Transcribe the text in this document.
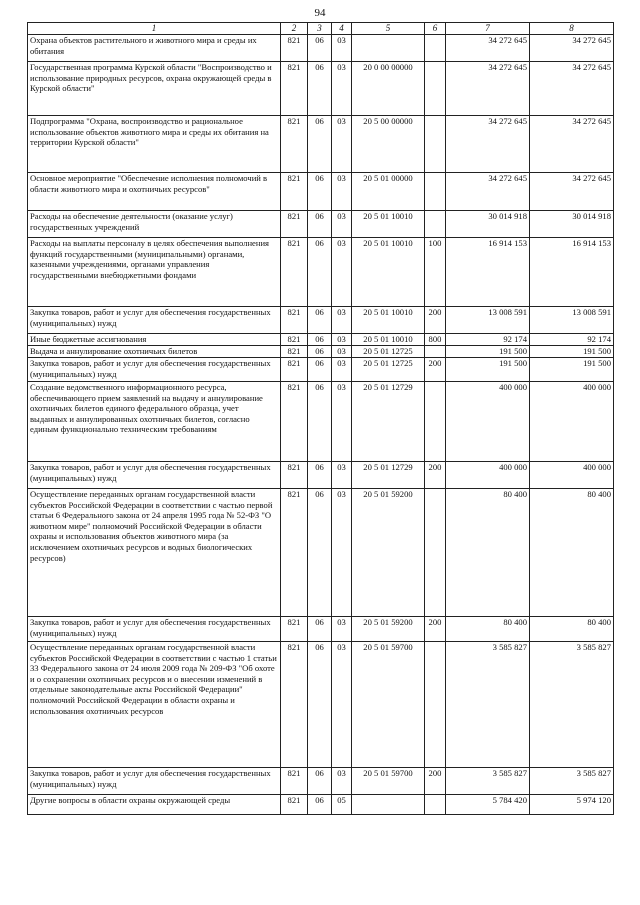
94
1	2	3	4	5	6	7	8
Охрана объектов растительного и животного мира и среды их обитания	821	06	03			34 272 645	34 272 645
Государственная программа Курской области "Воспроизводство и использование природных ресурсов, охрана окружающей среды в Курской области"	821	06	03	20 0 00 00000		34 272 645	34 272 645
Подпрограмма "Охрана, воспроизводство и рациональное использование объектов животного мира и среды их обитания на территории Курской области"	821	06	03	20 5 00 00000		34 272 645	34 272 645
Основное мероприятие "Обеспечение исполнения полномочий в области животного мира и охотничьих ресурсов"	821	06	03	20 5 01 00000		34 272 645	34 272 645
Расходы на обеспечение деятельности (оказание услуг) государственных учреждений	821	06	03	20 5 01 10010		30 014 918	30 014 918
Расходы на выплаты персоналу в целях обеспечения выполнения функций государственными (муниципальными) органами, казенными учреждениями, органами управления государственными внебюджетными фондами	821	06	03	20 5 01 10010	100	16 914 153	16 914 153
Закупка товаров, работ и услуг для обеспечения государственных (муниципальных) нужд	821	06	03	20 5 01 10010	200	13 008 591	13 008 591
Иные бюджетные ассигнования	821	06	03	20 5 01 10010	800	92 174	92 174
Выдача и аннулирование охотничьих билетов	821	06	03	20 5 01 12725		191 500	191 500
Закупка товаров, работ и услуг для обеспечения государственных (муниципальных) нужд	821	06	03	20 5 01 12725	200	191 500	191 500
Создание ведомственного информационного ресурса, обеспечивающего прием заявлений на выдачу и аннулирование охотничьих билетов единого федерального образца, учет выданных и аннулированных охотничьих билетов, согласно единым функционально техническим требованиям	821	06	03	20 5 01 12729		400 000	400 000
Закупка товаров, работ и услуг для обеспечения государственных (муниципальных) нужд	821	06	03	20 5 01 12729	200	400 000	400 000
Осуществление переданных органам государственной власти субъектов Российской Федерации в соответствии с частью первой статьи 6 Федерального закона от 24 апреля 1995 года № 52-ФЗ "О животном мире" полномочий Российской Федерации в области охраны и использования объектов животного мира (за исключением охотничьих ресурсов и водных биологических ресурсов)	821	06	03	20 5 01 59200		80 400	80 400
Закупка товаров, работ и услуг для обеспечения государственных (муниципальных) нужд	821	06	03	20 5 01 59200	200	80 400	80 400
Осуществление переданных органам государственной власти субъектов Российской Федерации в соответствии с частью 1 статьи 33 Федерального закона от 24 июля 2009 года № 209-ФЗ "Об охоте и о сохранении охотничьих ресурсов и о внесении изменений в отдельные законодательные акты Российской Федерации" полномочий Российской Федерации в области охраны и использования охотничьих ресурсов	821	06	03	20 5 01 59700		3 585 827	3 585 827
Закупка товаров, работ и услуг для обеспечения государственных (муниципальных) нужд	821	06	03	20 5 01 59700	200	3 585 827	3 585 827
Другие вопросы в области охраны окружающей среды	821	06	05			5 784 420	5 974 120
